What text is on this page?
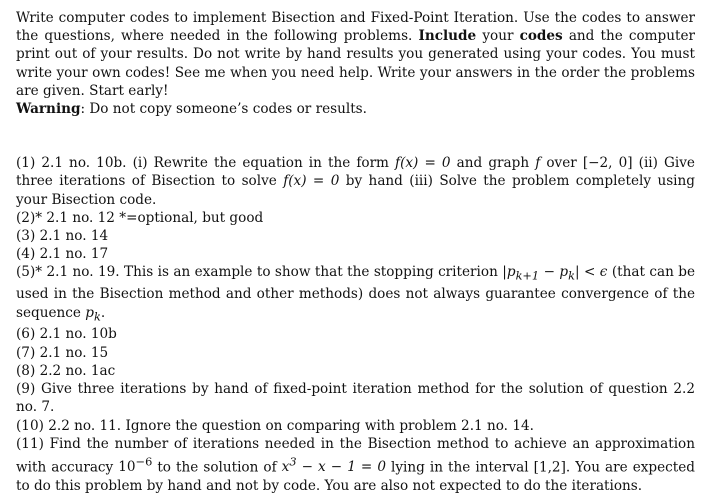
Write computer codes to implement Bisection and Fixed-Point Iteration. Use the codes to answer the questions, where needed in the following problems. Include your codes and the computer print out of your results. Do not write by hand results you generated using your codes. You must write your own codes! See me when you need help. Write your answers in the order the problems are given. Start early!
Warning: Do not copy someone’s codes or results.

(1) 2.1 no. 10b. (i) Rewrite the equation in the form f(x) = 0 and graph f over [−2, 0] (ii) Give three iterations of Bisection to solve f(x) = 0 by hand (iii) Solve the problem completely using your Bisection code.

(2)* 2.1 no. 12 *=optional, but good
(3) 2.1 no. 14
(4) 2.1 no. 17

(5)* 2.1 no. 19. This is an example to show that the stopping criterion $|p_{k+1} - p_k| < \epsilon$ (that can be used in the Bisection method and other methods) does not always guarantee convergence of the sequence $p_k$.

(6) 2.1 no. 10b
(7) 2.1 no. 15
(8) 2.2 no. 1ac
(9) Give three iterations by hand of fixed-point iteration method for the solution of question 2.2 no. 7.
(10) 2.2 no. 11. Ignore the question on comparing with problem 2.1 no. 14.

(11) Find the number of iterations needed in the Bisection method to achieve an approximation with accuracy $10^{-6}$ to the solution of $x^3 - x - 1 = 0$ lying in the interval [1,2]. You are expected to do this problem by hand and not by code. You are also not expected to do the iterations.
